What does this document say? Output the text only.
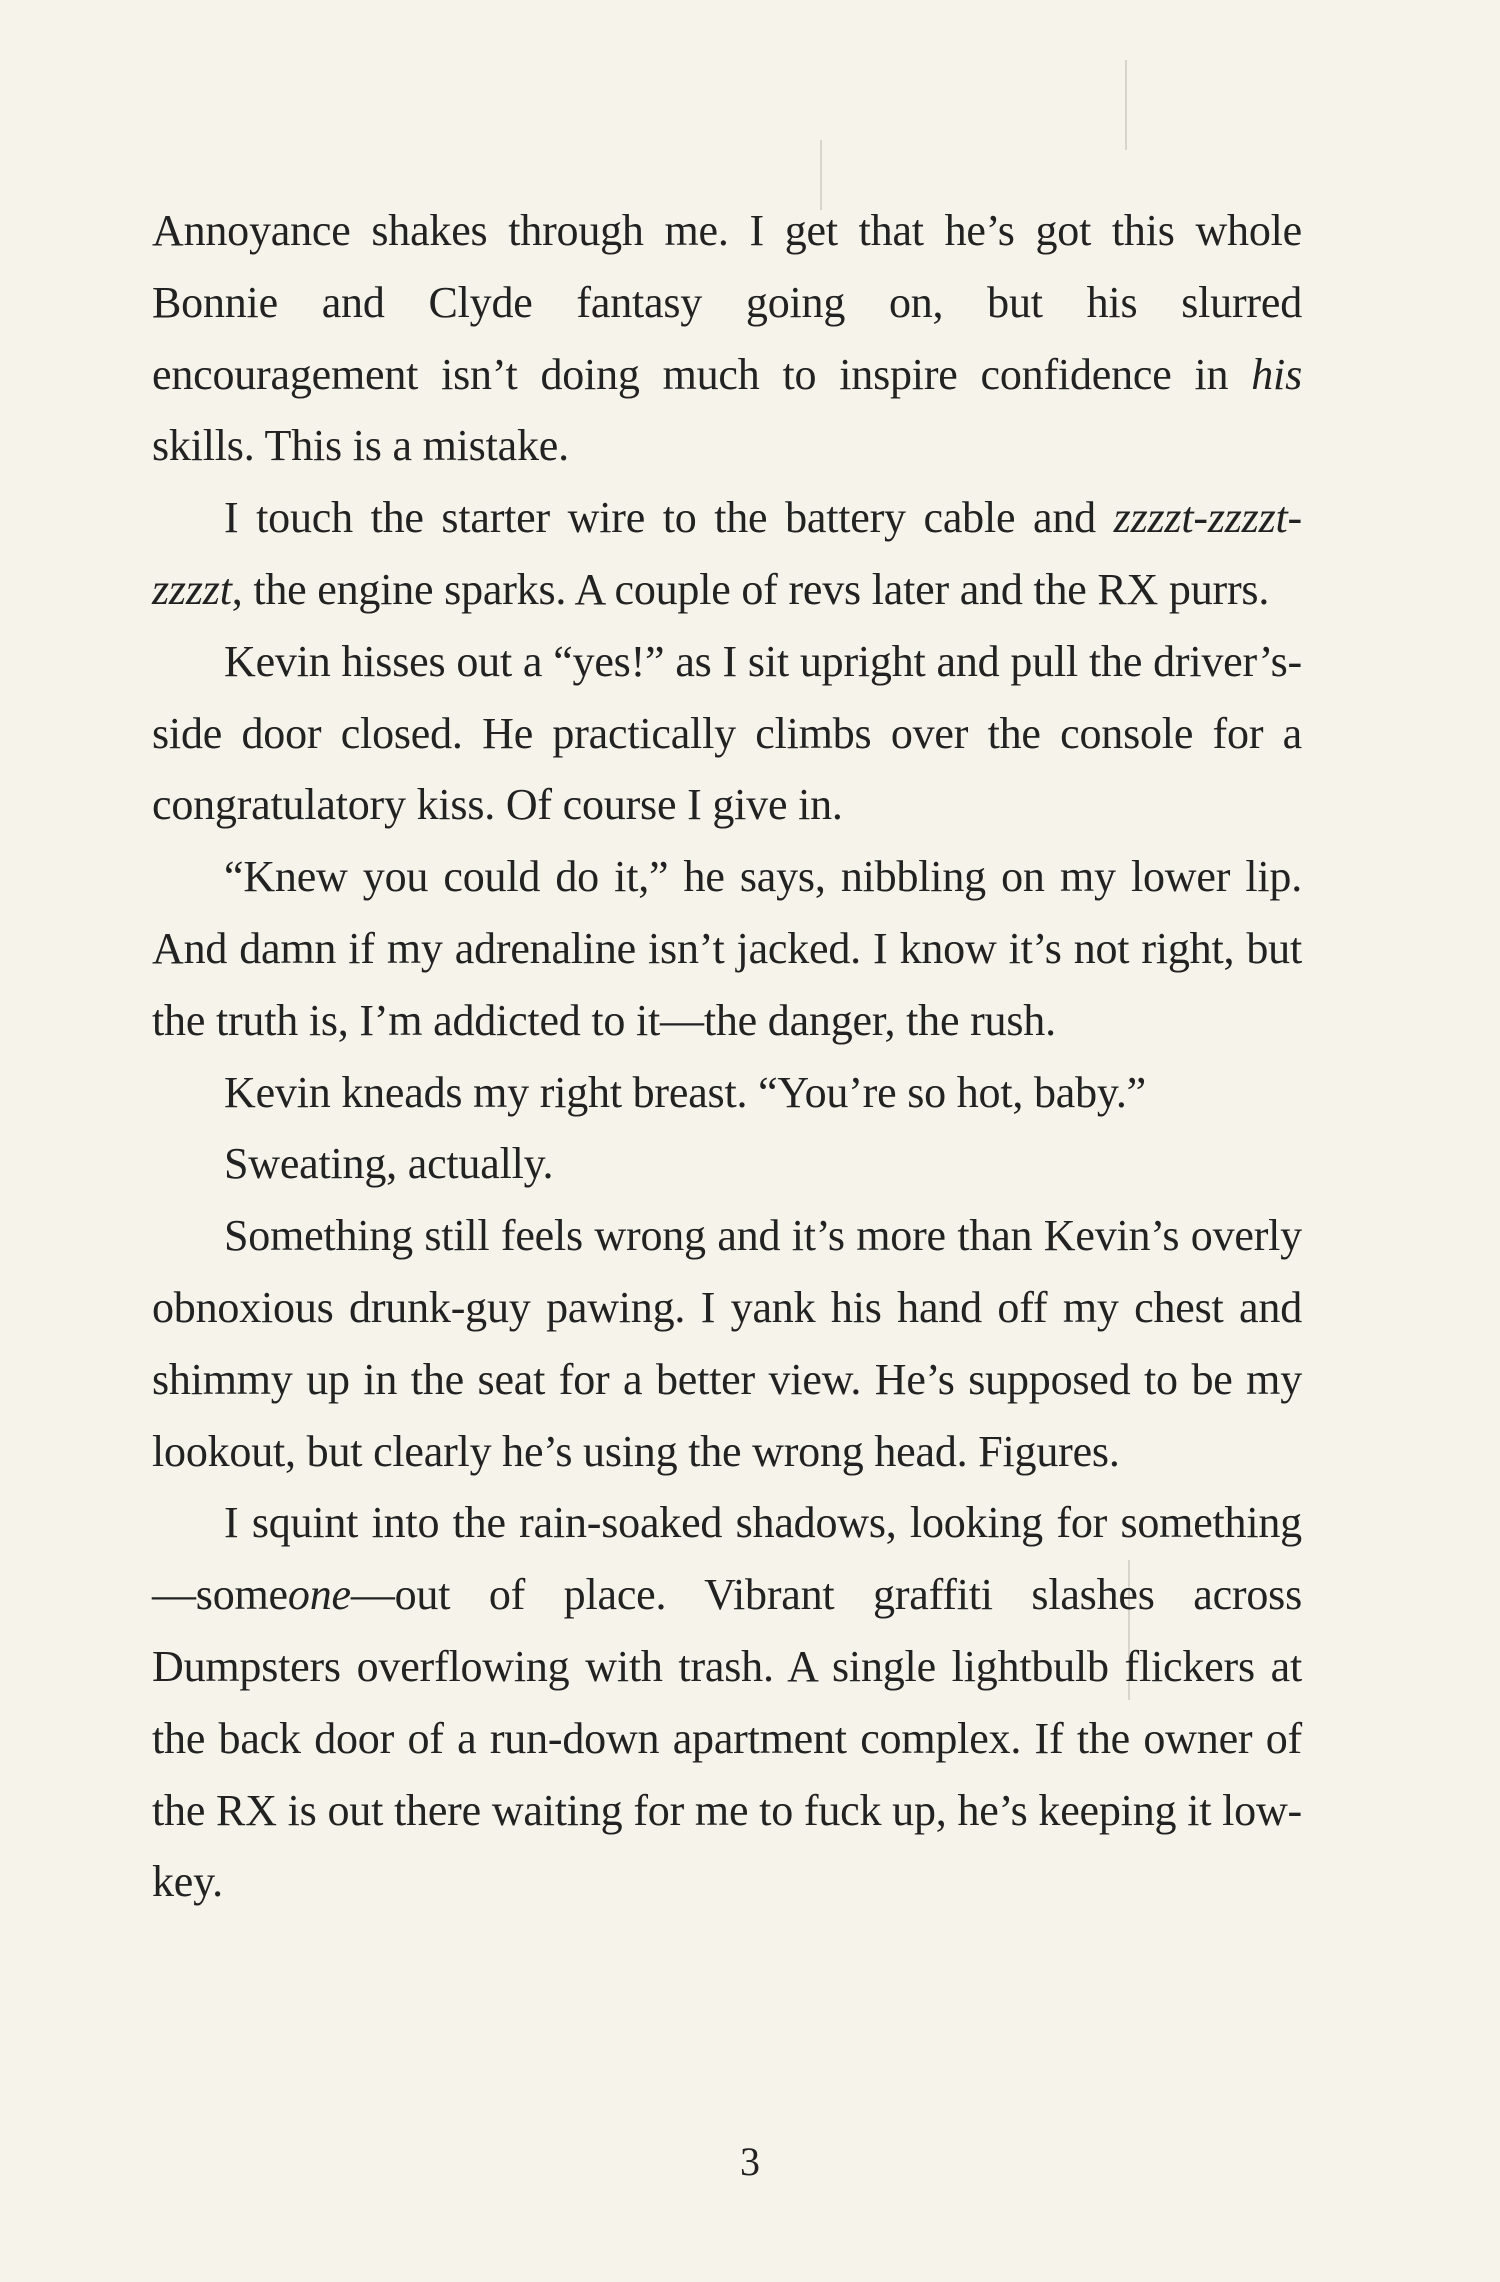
Annoyance shakes through me. I get that he’s got this whole Bonnie and Clyde fantasy going on, but his slurred encouragement isn’t doing much to inspire confidence in his skills. This is a mistake.

I touch the starter wire to the battery cable and zzzzt-zzzzt-zzzzt, the engine sparks. A couple of revs later and the RX purrs.

Kevin hisses out a “yes!” as I sit upright and pull the driver’s-side door closed. He practically climbs over the console for a congratulatory kiss. Of course I give in.

“Knew you could do it,” he says, nibbling on my lower lip. And damn if my adrenaline isn’t jacked. I know it’s not right, but the truth is, I’m addicted to it—the danger, the rush.

Kevin kneads my right breast. “You’re so hot, baby.”

Sweating, actually.

Something still feels wrong and it’s more than Kevin’s overly obnoxious drunk-guy pawing. I yank his hand off my chest and shimmy up in the seat for a better view. He’s supposed to be my lookout, but clearly he’s using the wrong head. Figures.

I squint into the rain-soaked shadows, looking for something—someone—out of place. Vibrant graffiti slashes across Dumpsters overflowing with trash. A single lightbulb flickers at the back door of a run-down apartment complex. If the owner of the RX is out there waiting for me to fuck up, he’s keeping it low-key.

3
